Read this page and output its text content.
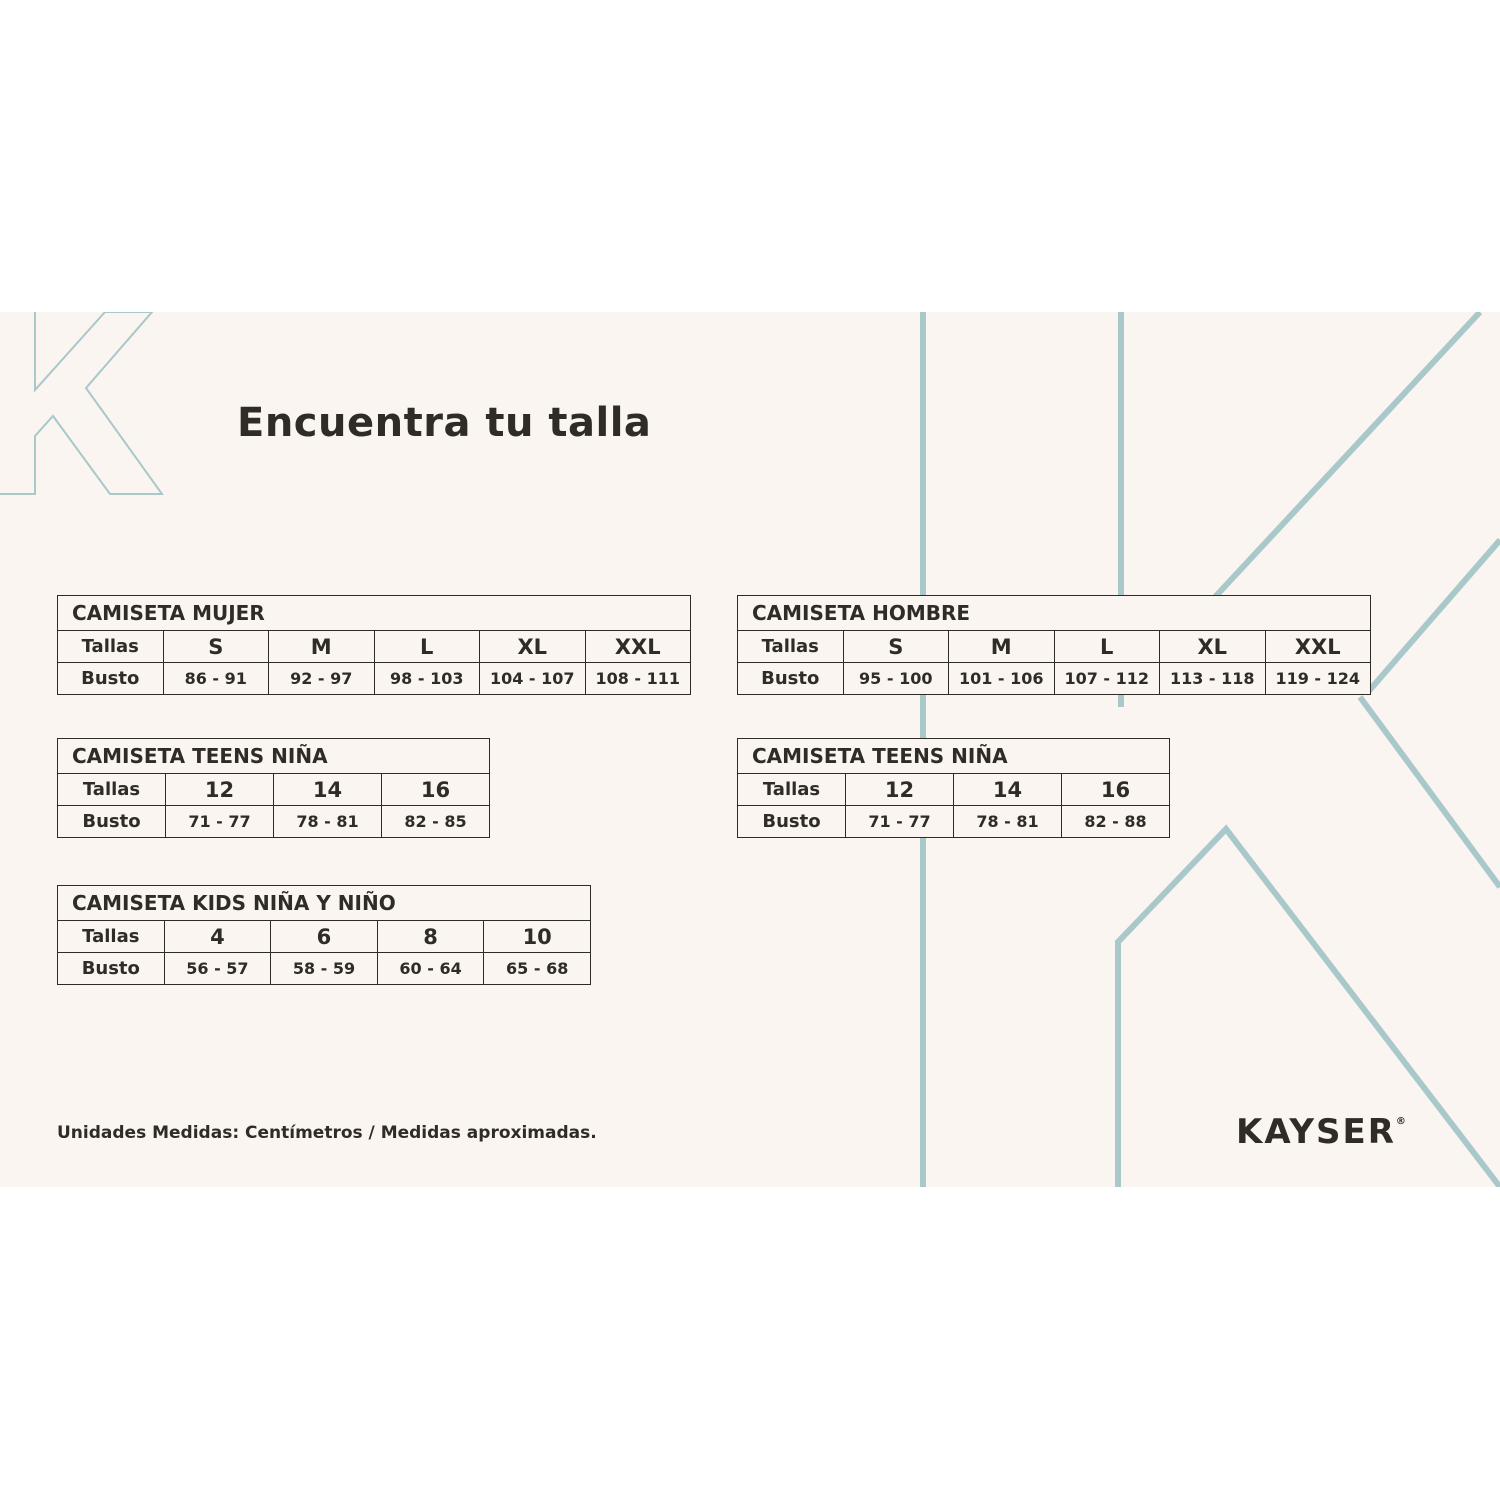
Encuentra tu talla
CAMISETA MUJER					
Tallas	S	M	L	XL	XXL
Busto	86 - 91	92 - 97	98 - 103	104 - 107	108 - 111
CAMISETA HOMBRE					
Tallas	S	M	L	XL	XXL
Busto	95 - 100	101 - 106	107 - 112	113 - 118	119 - 124
CAMISETA TEENS NIÑA			
Tallas	12	14	16
Busto	71 - 77	78 - 81	82 - 85
CAMISETA TEENS NIÑA			
Tallas	12	14	16
Busto	71 - 77	78 - 81	82 - 88
CAMISETA KIDS NIÑA Y NIÑO				
Tallas	4	6	8	10
Busto	56 - 57	58 - 59	60 - 64	65 - 68

Unidades Medidas: Centímetros / Medidas aproximadas.	KAYSER®
